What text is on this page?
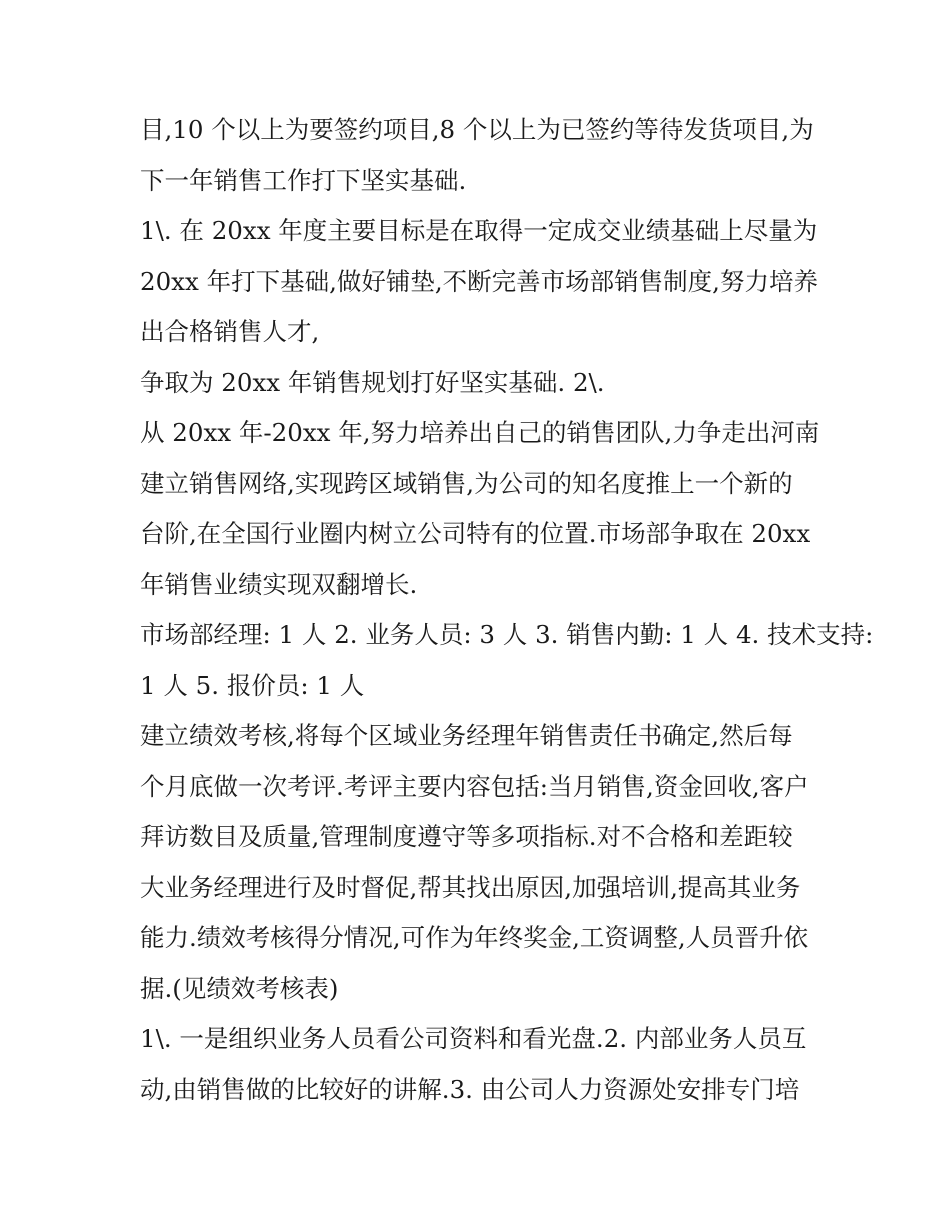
目,10 个以上为要签约项目,8 个以上为已签约等待发货项目,为

下一年销售工作打下坚实基础.

1\. 在 20xx 年度主要目标是在取得一定成交业绩基础上尽量为

20xx 年打下基础,做好铺垫,不断完善市场部销售制度,努力培养

出合格销售人才,

争取为 20xx 年销售规划打好坚实基础. 2\.

从 20xx 年-20xx 年,努力培养出自己的销售团队,力争走出河南

建立销售网络,实现跨区域销售,为公司的知名度推上一个新的

台阶,在全国行业圈内树立公司特有的位置.市场部争取在 20xx

年销售业绩实现双翻增长.

市场部经理: 1 人 2. 业务人员: 3 人 3. 销售内勤: 1 人 4. 技术支持:

1 人 5. 报价员: 1 人

建立绩效考核,将每个区域业务经理年销售责任书确定,然后每

个月底做一次考评.考评主要内容包括:当月销售,资金回收,客户

拜访数目及质量,管理制度遵守等多项指标.对不合格和差距较

大业务经理进行及时督促,帮其找出原因,加强培训,提高其业务

能力.绩效考核得分情况,可作为年终奖金,工资调整,人员晋升依

据.(见绩效考核表)

1\. 一是组织业务人员看公司资料和看光盘.2. 内部业务人员互

动,由销售做的比较好的讲解.3. 由公司人力资源处安排专门培
